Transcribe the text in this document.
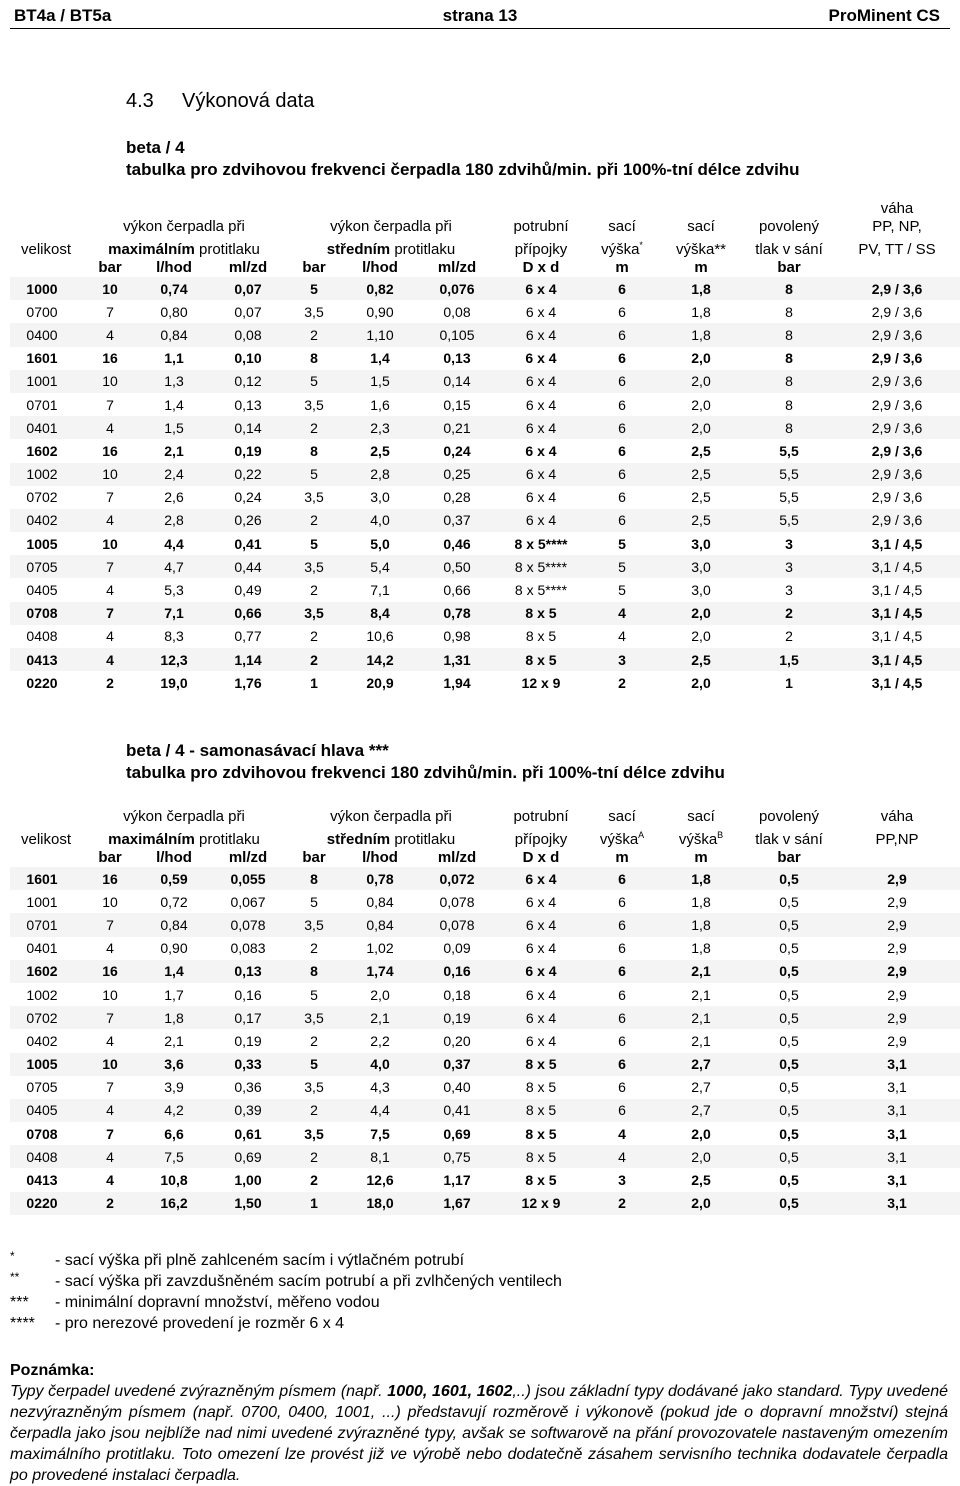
BT4a / BT5a	strana 13	ProMinent CS
4.3 Výkonová data
beta / 4
tabulka pro zdvihovou frekvenci čerpadla 180 zdvihů/min. při 100%-tní délce zdvihu
											váha
	výkon čerpadla při			výkon čerpadla při			potrubní	sací	sací	povolený	PP, NP,
velikost	maximálním protitlaku			středním protitlaku			přípojky	výška*	výška**	tlak v sání	PV, TT / SS
	bar	l/hod	ml/zd	bar	l/hod	ml/zd	D x d	m	m	bar	
1000	10	0,74	0,07	5	0,82	0,076	6 x 4	6	1,8	8	2,9 / 3,6
0700	7	0,80	0,07	3,5	0,90	0,08	6 x 4	6	1,8	8	2,9 / 3,6
0400	4	0,84	0,08	2	1,10	0,105	6 x 4	6	1,8	8	2,9 / 3,6
1601	16	1,1	0,10	8	1,4	0,13	6 x 4	6	2,0	8	2,9 / 3,6
1001	10	1,3	0,12	5	1,5	0,14	6 x 4	6	2,0	8	2,9 / 3,6
0701	7	1,4	0,13	3,5	1,6	0,15	6 x 4	6	2,0	8	2,9 / 3,6
0401	4	1,5	0,14	2	2,3	0,21	6 x 4	6	2,0	8	2,9 / 3,6
1602	16	2,1	0,19	8	2,5	0,24	6 x 4	6	2,5	5,5	2,9 / 3,6
1002	10	2,4	0,22	5	2,8	0,25	6 x 4	6	2,5	5,5	2,9 / 3,6
0702	7	2,6	0,24	3,5	3,0	0,28	6 x 4	6	2,5	5,5	2,9 / 3,6
0402	4	2,8	0,26	2	4,0	0,37	6 x 4	6	2,5	5,5	2,9 / 3,6
1005	10	4,4	0,41	5	5,0	0,46	8 x 5****	5	3,0	3	3,1 / 4,5
0705	7	4,7	0,44	3,5	5,4	0,50	8 x 5****	5	3,0	3	3,1 / 4,5
0405	4	5,3	0,49	2	7,1	0,66	8 x 5****	5	3,0	3	3,1 / 4,5
0708	7	7,1	0,66	3,5	8,4	0,78	8 x 5	4	2,0	2	3,1 / 4,5
0408	4	8,3	0,77	2	10,6	0,98	8 x 5	4	2,0	2	3,1 / 4,5
0413	4	12,3	1,14	2	14,2	1,31	8 x 5	3	2,5	1,5	3,1 / 4,5
0220	2	19,0	1,76	1	20,9	1,94	12 x 9	2	2,0	1	3,1 / 4,5
beta / 4 - samonasávací hlava ***
tabulka pro zdvihovou frekvenci 180 zdvihů/min. při 100%-tní délce zdvihu
	výkon čerpadla při			výkon čerpadla při			potrubní	sací	sací	povolený	váha
velikost	maximálním protitlaku			středním protitlaku			přípojky	výška$^A$	výška$^B$	tlak v sání	PP,NP
	bar	l/hod	ml/zd	bar	l/hod	ml/zd	D x d	m	m	bar	
1601	16	0,59	0,055	8	0,78	0,072	6 x 4	6	1,8	0,5	2,9
1001	10	0,72	0,067	5	0,84	0,078	6 x 4	6	1,8	0,5	2,9
0701	7	0,84	0,078	3,5	0,84	0,078	6 x 4	6	1,8	0,5	2,9
0401	4	0,90	0,083	2	1,02	0,09	6 x 4	6	1,8	0,5	2,9
1602	16	1,4	0,13	8	1,74	0,16	6 x 4	6	2,1	0,5	2,9
1002	10	1,7	0,16	5	2,0	0,18	6 x 4	6	2,1	0,5	2,9
0702	7	1,8	0,17	3,5	2,1	0,19	6 x 4	6	2,1	0,5	2,9
0402	4	2,1	0,19	2	2,2	0,20	6 x 4	6	2,1	0,5	2,9
1005	10	3,6	0,33	5	4,0	0,37	8 x 5	6	2,7	0,5	3,1
0705	7	3,9	0,36	3,5	4,3	0,40	8 x 5	6	2,7	0,5	3,1
0405	4	4,2	0,39	2	4,4	0,41	8 x 5	6	2,7	0,5	3,1
0708	7	6,6	0,61	3,5	7,5	0,69	8 x 5	4	2,0	0,5	3,1
0408	4	7,5	0,69	2	8,1	0,75	8 x 5	4	2,0	0,5	3,1
0413	4	10,8	1,00	2	12,6	1,17	8 x 5	3	2,5	0,5	3,1
0220	2	16,2	1,50	1	18,0	1,67	12 x 9	2	2,0	0,5	3,1
*	- sací výška při plně zahlceném sacím i výtlačném potrubí
** - sací výška při zavzdušněném sacím potrubí a při zvlhčených ventilech
*** - minimální dopravní množství, měřeno vodou
**** - pro nerezové provedení je rozměr 6 x 4
Poznámka:
Typy čerpadel uvedené zvýrazněným písmem (např. 1000, 1601, 1602,..) jsou základní typy dodávané jako standard. Typy uvedené nezvýrazněným písmem (např. 0700, 0400, 1001, ...) představují rozměrově i výkonově (pokud jde o dopravní množství) stejná čerpadla jako jsou nejblíže nad nimi uvedené zvýrazněné typy, avšak se softwarově na přání provozovatele nastaveným omezením maximálního protitlaku. Toto omezení lze provést již ve výrobě nebo dodatečně zásahem servisního technika dodavatele čerpadla po provedené instalaci čerpadla.
